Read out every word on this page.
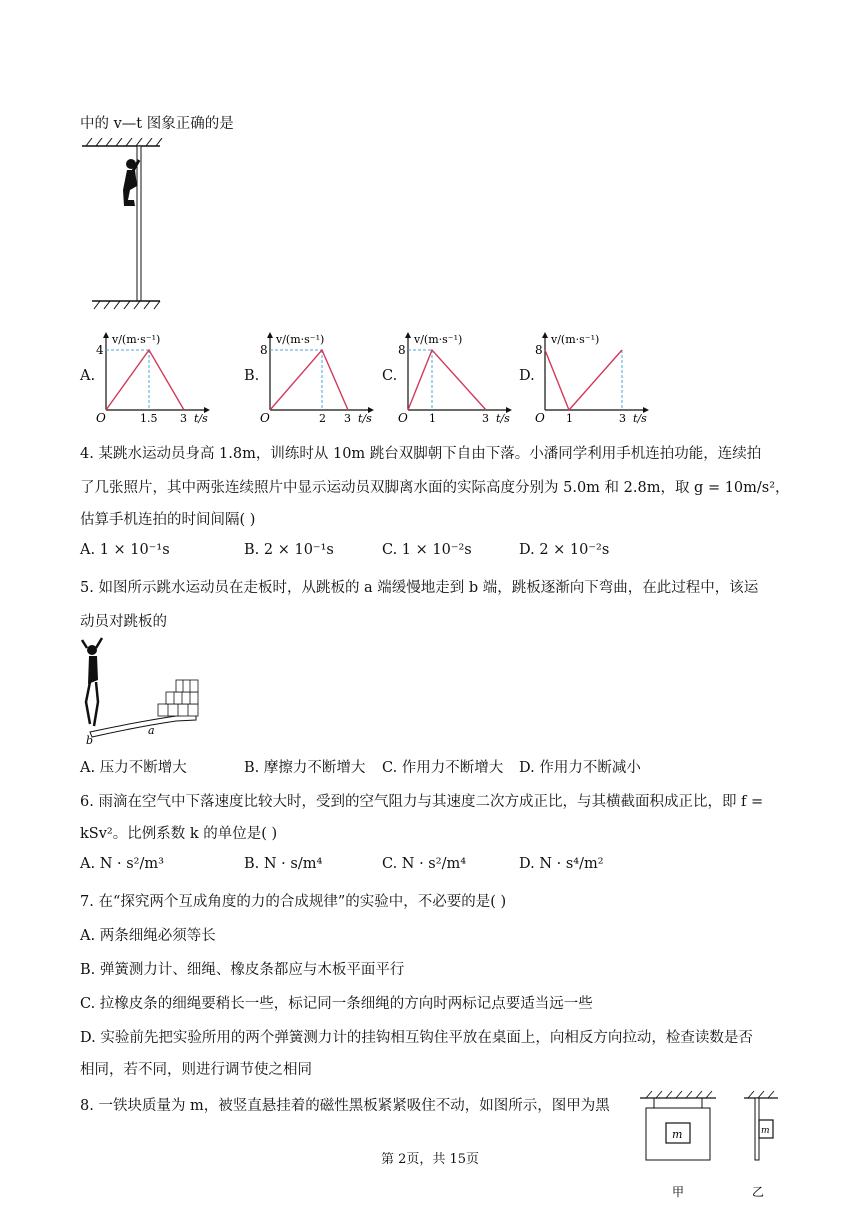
中的 v—t 图象正确的是
A.
v/(m·s⁻¹)
t/s
O
4
1.5 3
B.
v/(m·s⁻¹)
t/s
O
8
2 3
C.
v/(m·s⁻¹)
t/s
O
8
1	3
D.
v/(m·s⁻¹)
t/s
O
8
1	3
4. 某跳水运动员身高 1.8m，训练时从 10m 跳台双脚朝下自由下落。小潘同学利用手机连拍功能，连续拍
了几张照片，其中两张连续照片中显示运动员双脚离水面的实际高度分别为 5.0m 和 2.8m，取 g = 10m/s²，
估算手机连拍的时间间隔( )
A. 1 × 10⁻¹s	B. 2 × 10⁻¹s	C. 1 × 10⁻²s	D. 2 × 10⁻²s
5. 如图所示跳水运动员在走板时，从跳板的 a 端缓慢地走到 b 端，跳板逐渐向下弯曲，在此过程中，该运
动员对跳板的
b
a
A. 压力不断增大	B. 摩擦力不断增大 C. 作用力不断增大 D. 作用力不断减小
6. 雨滴在空气中下落速度比较大时，受到的空气阻力与其速度二次方成正比，与其横截面积成正比，即 f =
kSv²。比例系数 k 的单位是( )
A. N · s²/m³	B. N · s/m⁴	C. N · s²/m⁴	D. N · s⁴/m²
7. 在“探究两个互成角度的力的合成规律”的实验中，不必要的是( )
A. 两条细绳必须等长
B. 弹簧测力计、细绳、橡皮条都应与木板平面平行
C. 拉橡皮条的细绳要稍长一些，标记同一条细绳的方向时两标记点要适当远一些
D. 实验前先把实验所用的两个弹簧测力计的挂钩相互钩住平放在桌面上，向相反方向拉动，检查读数是否
相同，若不同，则进行调节使之相同
8. 一铁块质量为 m，被竖直悬挂着的磁性黑板紧紧吸住不动，如图所示，图甲为黑
m	m
甲	乙
第 2页，共 15页
